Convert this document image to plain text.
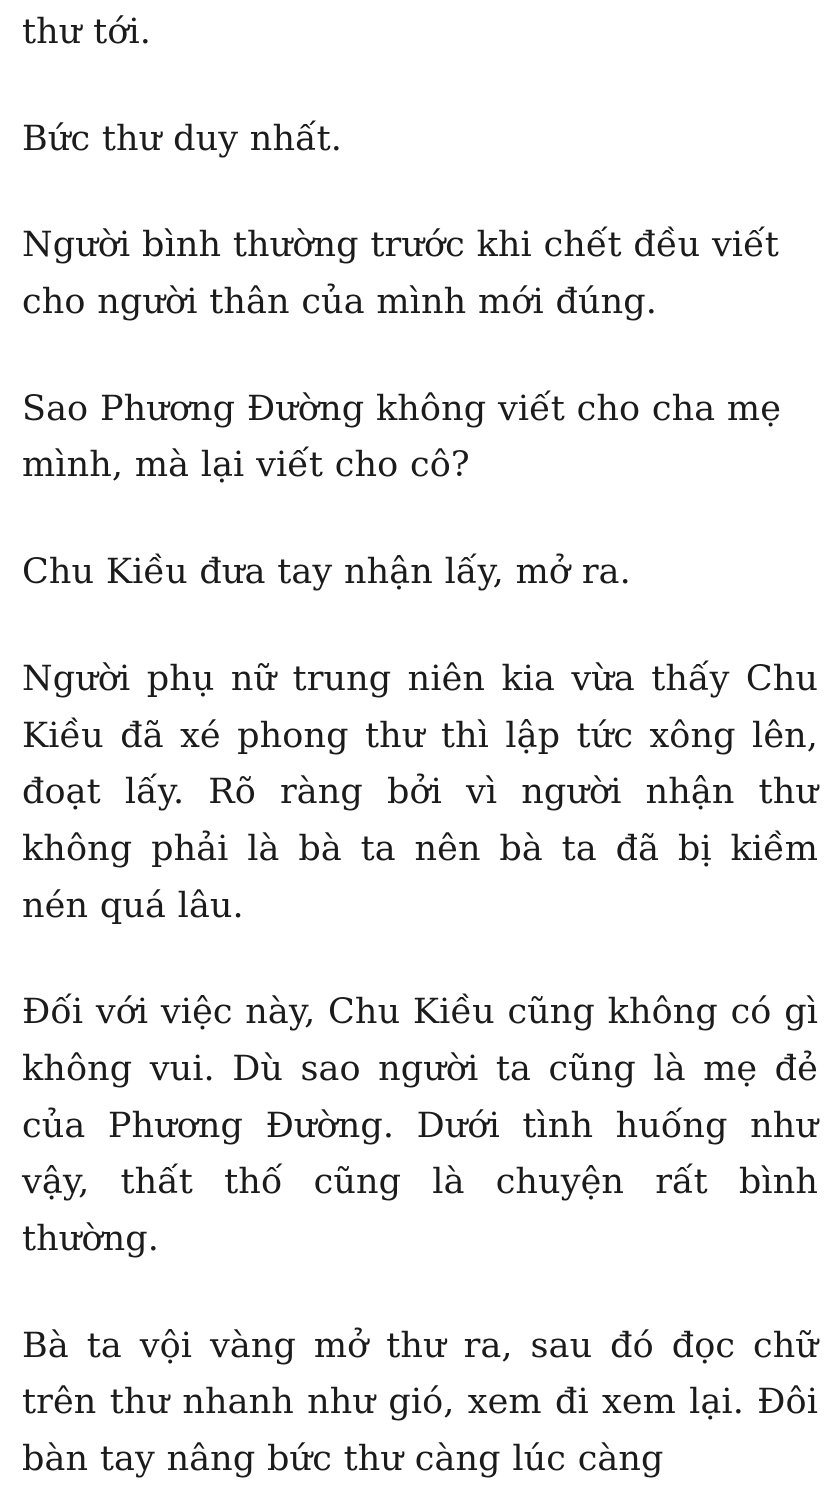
thư tới.

Bức thư duy nhất.

Người bình thường trước khi chết đều viết cho người thân của mình mới đúng.

Sao Phương Đường không viết cho cha mẹ mình, mà lại viết cho cô?

Chu Kiều đưa tay nhận lấy, mở ra.

Người phụ nữ trung niên kia vừa thấy Chu Kiều đã xé phong thư thì lập tức xông lên, đoạt lấy. Rõ ràng bởi vì người nhận thư không phải là bà ta nên bà ta đã bị kiềm nén quá lâu.

Đối với việc này, Chu Kiều cũng không có gì không vui. Dù sao người ta cũng là mẹ đẻ của Phương Đường. Dưới tình huống như vậy, thất thố cũng là chuyện rất bình thường.

Bà ta vội vàng mở thư ra, sau đó đọc chữ trên thư nhanh như gió, xem đi xem lại. Đôi bàn tay nâng bức thư càng lúc càng
